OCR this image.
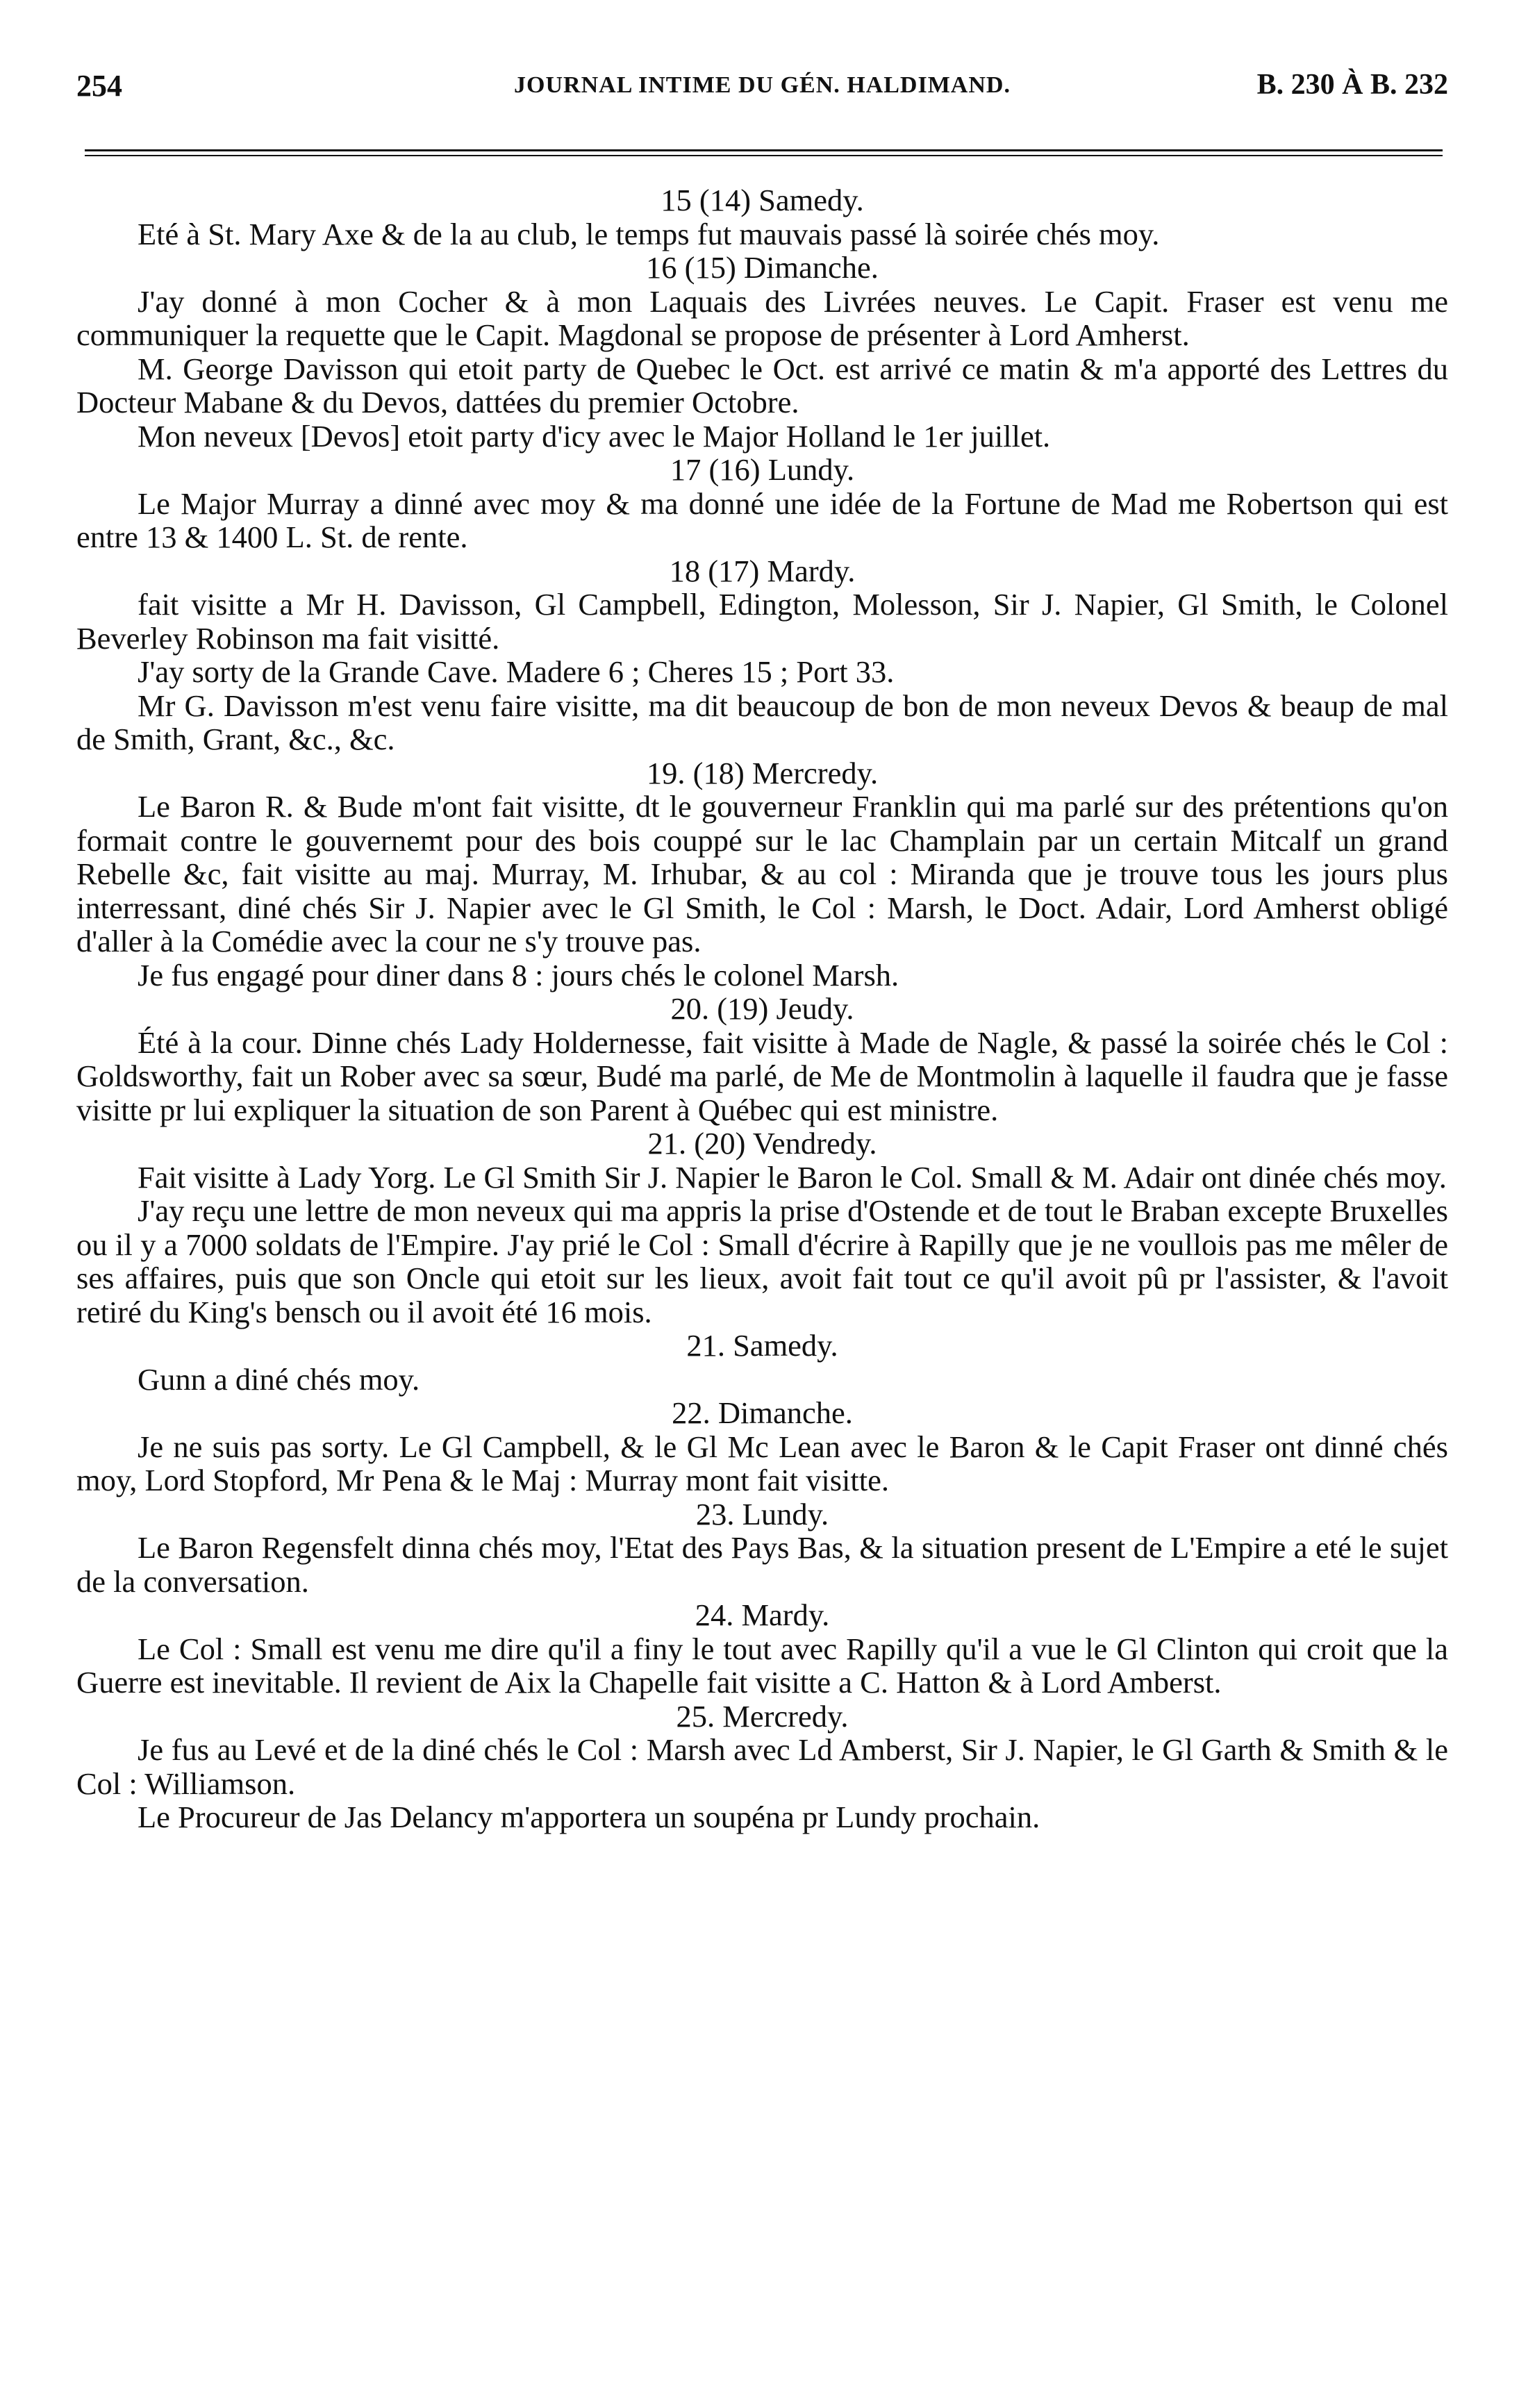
254	JOURNAL INTIME DU GÉN. HALDIMAND.	B. 230 À B. 232
15 (14) Samedy.

Eté à St. Mary Axe & de la au club, le temps fut mauvais passé là soirée chés moy.

16 (15) Dimanche.

J'ay donné à mon Cocher & à mon Laquais des Livrées neuves. Le Capit. Fraser est venu me communiquer la requette que le Capit. Magdonal se propose de présenter à Lord Amherst.

M. George Davisson qui etoit party de Quebec le Oct. est arrivé ce matin & m'a apporté des Lettres du Docteur Mabane & du Devos, dattées du premier Octobre.

Mon neveux [Devos] etoit party d'icy avec le Major Holland le 1er juillet.

17 (16) Lundy.

Le Major Murray a dinné avec moy & ma donné une idée de la Fortune de Mad me Robertson qui est entre 13 & 1400 L. St. de rente.

18 (17) Mardy.

fait visitte a Mr H. Davisson, Gl Campbell, Edington, Molesson, Sir J. Napier, Gl Smith, le Colonel Beverley Robinson ma fait visitté.

J'ay sorty de la Grande Cave. Madere 6 ; Cheres 15 ; Port 33.

Mr G. Davisson m'est venu faire visitte, ma dit beaucoup de bon de mon neveux Devos & beaup de mal de Smith, Grant, &c., &c.

19. (18) Mercredy.

Le Baron R. & Bude m'ont fait visitte, dt le gouverneur Franklin qui ma parlé sur des prétentions qu'on formait contre le gouvernemt pour des bois couppé sur le lac Champlain par un certain Mitcalf un grand Rebelle &c, fait visitte au maj. Murray, M. Irhubar, & au col : Miranda que je trouve tous les jours plus interressant, diné chés Sir J. Napier avec le Gl Smith, le Col : Marsh, le Doct. Adair, Lord Amherst obligé d'aller à la Comédie avec la cour ne s'y trouve pas.

Je fus engagé pour diner dans 8 : jours chés le colonel Marsh.

20. (19) Jeudy.

Été à la cour. Dinne chés Lady Holdernesse, fait visitte à Made de Nagle, & passé la soirée chés le Col : Goldsworthy, fait un Rober avec sa sœur, Budé ma parlé, de Me de Montmolin à laquelle il faudra que je fasse visitte pr lui expliquer la situation de son Parent à Québec qui est ministre.

21. (20) Vendredy.

Fait visitte à Lady Yorg. Le Gl Smith Sir J. Napier le Baron le Col. Small & M. Adair ont dinée chés moy.

J'ay reçu une lettre de mon neveux qui ma appris la prise d'Ostende et de tout le Braban excepte Bruxelles ou il y a 7000 soldats de l'Empire. J'ay prié le Col : Small d'écrire à Rapilly que je ne voullois pas me mêler de ses affaires, puis que son Oncle qui etoit sur les lieux, avoit fait tout ce qu'il avoit pû pr l'assister, & l'avoit retiré du King's bensch ou il avoit été 16 mois.

21. Samedy.

Gunn a diné chés moy.

22. Dimanche.

Je ne suis pas sorty. Le Gl Campbell, & le Gl Mc Lean avec le Baron & le Capit Fraser ont dinné chés moy, Lord Stopford, Mr Pena & le Maj : Murray mont fait visitte.

23. Lundy.

Le Baron Regensfelt dinna chés moy, l'Etat des Pays Bas, & la situation present de L'Empire a eté le sujet de la conversation.

24. Mardy.

Le Col : Small est venu me dire qu'il a finy le tout avec Rapilly qu'il a vue le Gl Clinton qui croit que la Guerre est inevitable. Il revient de Aix la Chapelle fait visitte a C. Hatton & à Lord Amberst.

25. Mercredy.

Je fus au Levé et de la diné chés le Col : Marsh avec Ld Amberst, Sir J. Napier, le Gl Garth & Smith & le Col : Williamson.

Le Procureur de Jas Delancy m'apportera un soupéna pr Lundy prochain.
